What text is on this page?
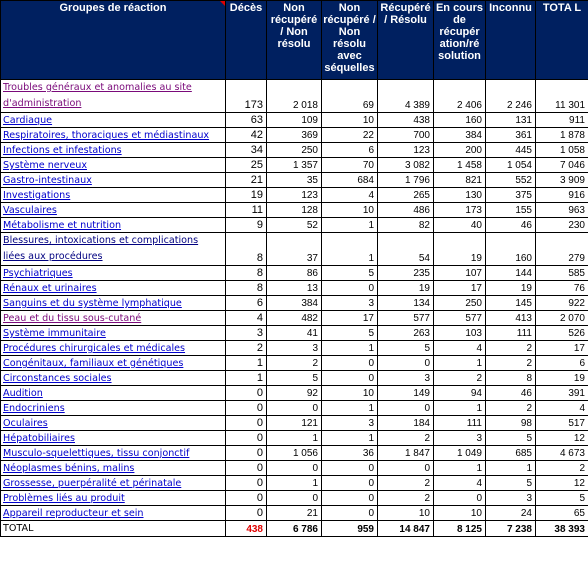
Groupes de réaction	Décès	Non récupéré / Non résolu	Non récupéré / Non résolu avec séquelles	Récupéré / Résolu	En cours de récupér ation/ré solution	Inconnu	TOTA L
Troubles généraux et anomalies au site d'administration	173	2 018	69	4 389	2 406	2 246	11 301
Cardiaque	63	109	10	438	160	131	911
Respiratoires, thoraciques et médiastinaux	42	369	22	700	384	361	1 878
Infections et infestations	34	250	6	123	200	445	1 058
Système nerveux	25	1 357	70	3 082	1 458	1 054	7 046
Gastro-intestinaux	21	35	684	1 796	821	552	3 909
Investigations	19	123	4	265	130	375	916
Vasculaires	11	128	10	486	173	155	963
Métabolisme et nutrition	9	52	1	82	40	46	230
Blessures, intoxications et complications liées aux procédures	8	37	1	54	19	160	279
Psychiatriques	8	86	5	235	107	144	585
Rénaux et urinaires	8	13	0	19	17	19	76
Sanguins et du système lymphatique	6	384	3	134	250	145	922
Peau et du tissu sous-cutané	4	482	17	577	577	413	2 070
Système immunitaire	3	41	5	263	103	111	526
Procédures chirurgicales et médicales	2	3	1	5	4	2	17
Congénitaux, familiaux et génétiques	1	2	0	0	1	2	6
Circonstances sociales	1	5	0	3	2	8	19
Audition	0	92	10	149	94	46	391
Endocriniens	0	0	1	0	1	2	4
Oculaires	0	121	3	184	111	98	517
Hépatobiliaires	0	1	1	2	3	5	12
Musculo-squelettiques, tissu conjonctif	0	1 056	36	1 847	1 049	685	4 673
Néoplasmes bénins, malins	0	0	0	0	1	1	2
Grossesse, puerpéralité et périnatale	0	1	0	2	4	5	12
Problèmes liés au produit	0	0	0	2	0	3	5
Appareil reproducteur et sein	0	21	0	10	10	24	65
TOTAL	438	6 786	959	14 847	8 125	7 238	38 393
